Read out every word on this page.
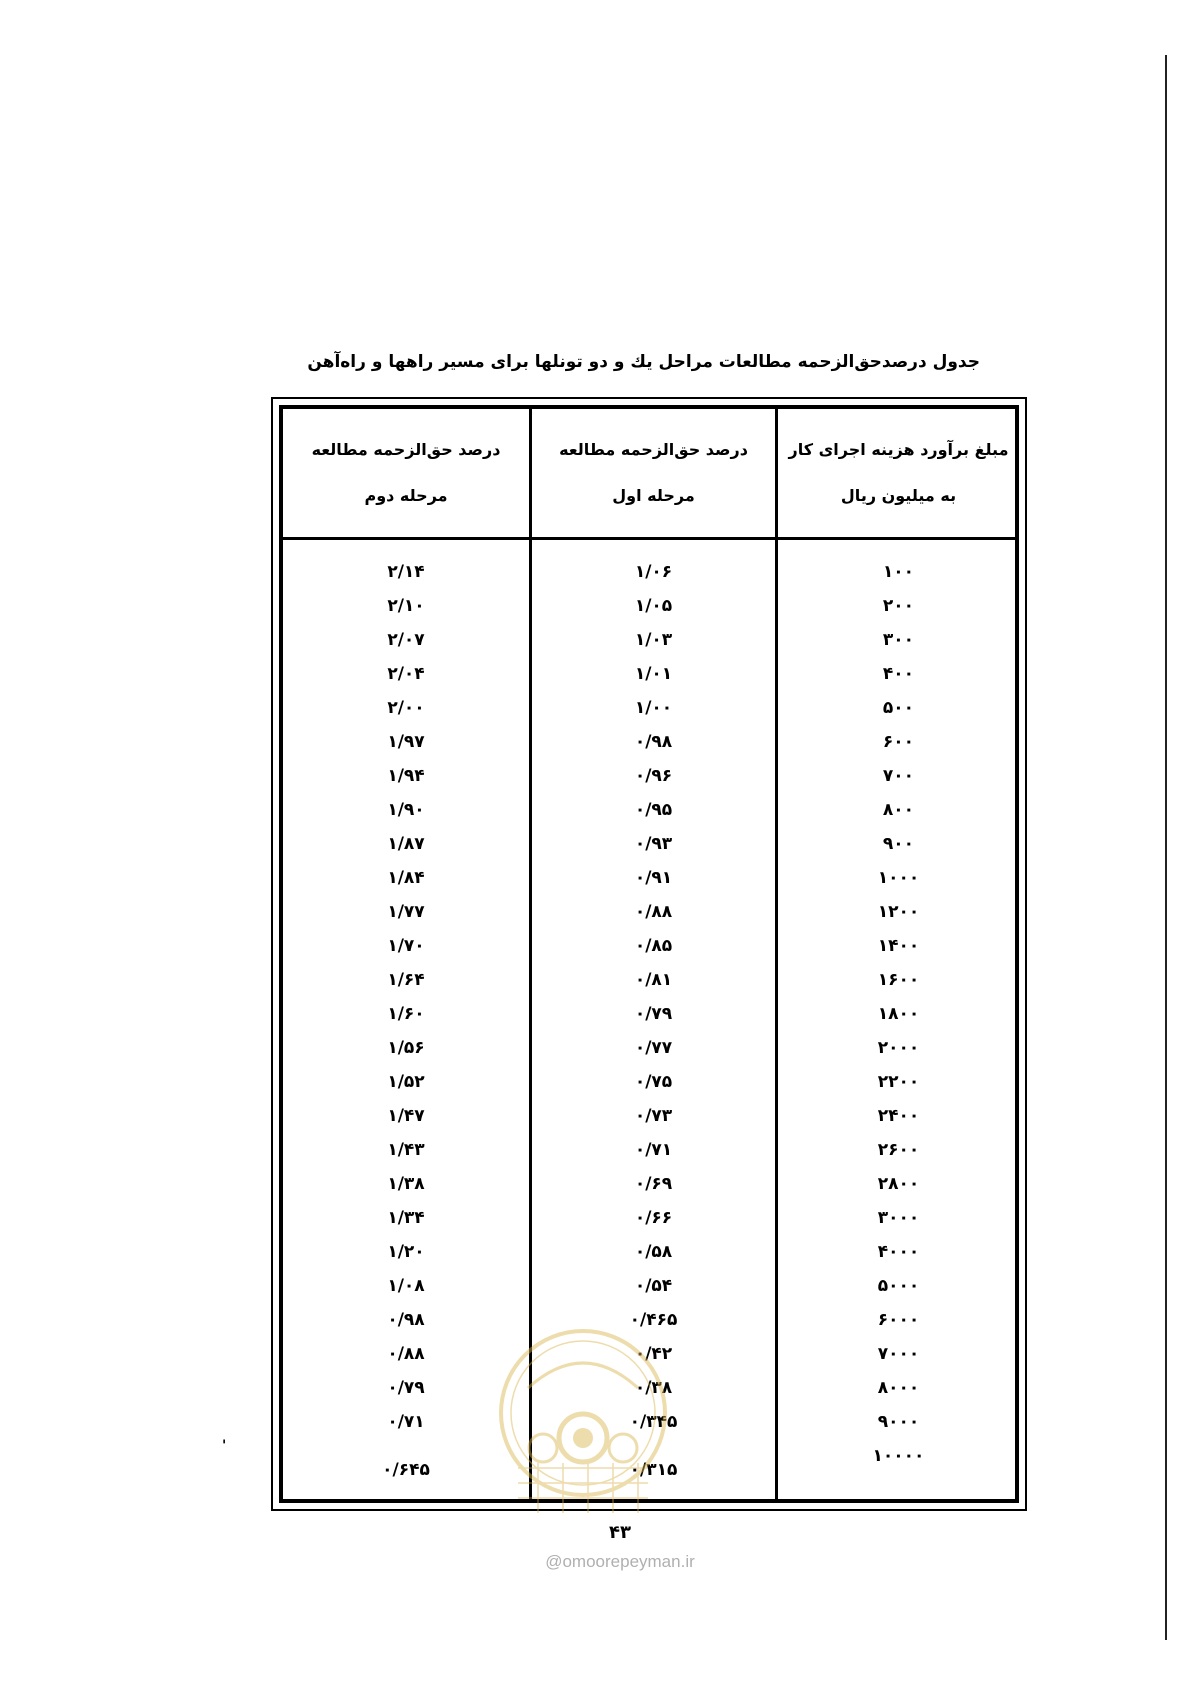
'
جدول درصدحق‌الزحمه مطالعات مراحل یك و دو تونلها برای مسیر راهها و راه‌آهن
مبلغ برآورد هزینه اجرای کار
به میلیون ریال
درصد حق‌الزحمه مطالعه
مرحله اول
درصد حق‌الزحمه مطالعه
مرحله دوم
۱۰۰
۱/۰۶
۲/۱۴
۲۰۰
۱/۰۵
۲/۱۰
۳۰۰
۱/۰۳
۲/۰۷
۴۰۰
۱/۰۱
۲/۰۴
۵۰۰
۱/۰۰
۲/۰۰
۶۰۰
۰/۹۸
۱/۹۷
۷۰۰
۰/۹۶
۱/۹۴
۸۰۰
۰/۹۵
۱/۹۰
۹۰۰
۰/۹۳
۱/۸۷
۱۰۰۰
۰/۹۱
۱/۸۴
۱۲۰۰
۰/۸۸
۱/۷۷
۱۴۰۰
۰/۸۵
۱/۷۰
۱۶۰۰
۰/۸۱
۱/۶۴
۱۸۰۰
۰/۷۹
۱/۶۰
۲۰۰۰
۰/۷۷
۱/۵۶
۲۲۰۰
۰/۷۵
۱/۵۲
۲۴۰۰
۰/۷۳
۱/۴۷
۲۶۰۰
۰/۷۱
۱/۴۳
۲۸۰۰
۰/۶۹
۱/۳۸
۳۰۰۰
۰/۶۶
۱/۳۴
۴۰۰۰
۰/۵۸
۱/۲۰
۵۰۰۰
۰/۵۴
۱/۰۸
۶۰۰۰
۰/۴۶۵
۰/۹۸
۷۰۰۰
۰/۴۲
۰/۸۸
۸۰۰۰
۰/۳۸
۰/۷۹
۹۰۰۰
۰/۳۴۵
۰/۷۱
۱۰۰۰۰
۰/۳۱۵
۰/۶۴۵
۴۳
@omoorepeyman.ir
